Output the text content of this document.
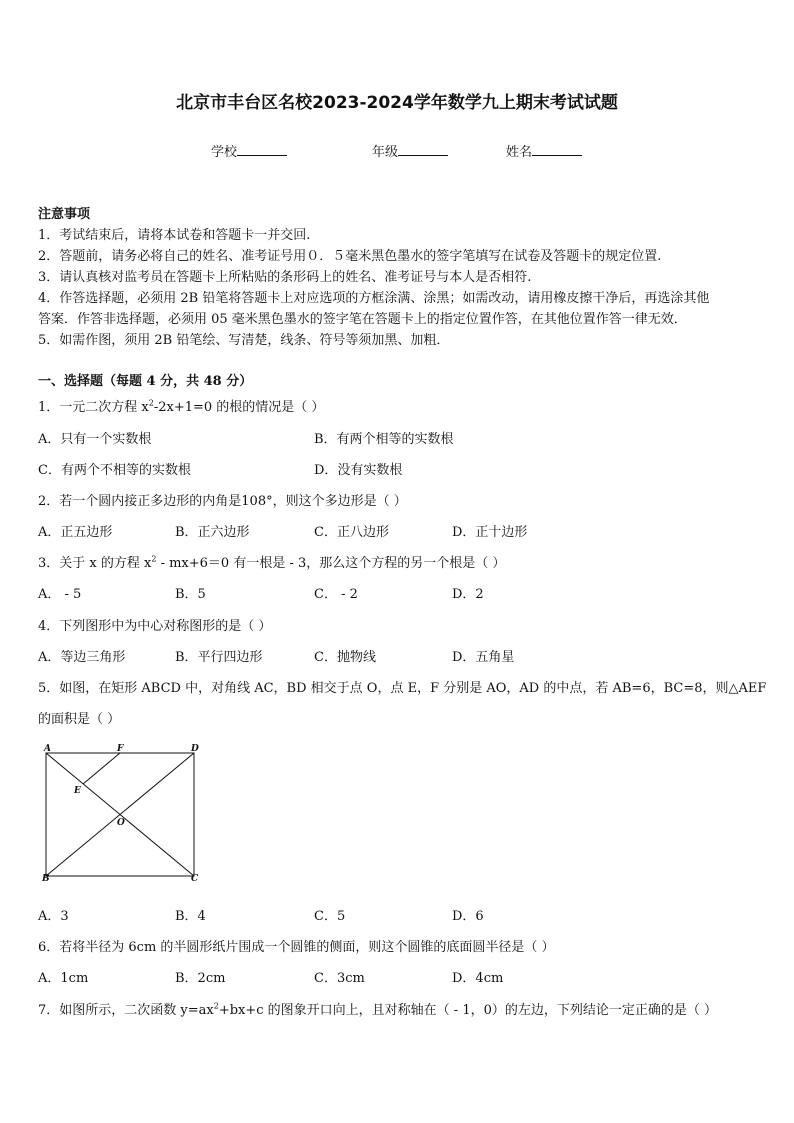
北京市丰台区名校2023-2024学年数学九上期末考试试题
学校	年级	姓名
注意事项
1．考试结束后，请将本试卷和答题卡一并交回.
2．答题前，请务必将自己的姓名、准考证号用０．５毫米黑色墨水的签字笔填写在试卷及答题卡的规定位置.
3．请认真核对监考员在答题卡上所粘贴的条形码上的姓名、准考证号与本人是否相符.
4．作答选择题，必须用 2B 铅笔将答题卡上对应选项的方框涂满、涂黑；如需改动，请用橡皮擦干净后，再选涂其他
答案．作答非选择题，必须用 05 毫米黑色墨水的签字笔在答题卡上的指定位置作答，在其他位置作答一律无效．
5．如需作图，须用 2B 铅笔绘、写清楚，线条、符号等须加黑、加粗．
一、选择题（每题 4 分，共 48 分）
1．一元二次方程 $x^2-2x+1=0$ 的根的情况是（ ）
A．只有一个实数根	B．有两个相等的实数根
C．有两个不相等的实数根	D．没有实数根
2．若一个圆内接正多边形的内角是108°，则这个多边形是（ ）
A．正五边形	B．正六边形	C．正八边形	D．正十边形
3．关于 x 的方程 $x^2 - mx+6=0$ 有一根是 - 3，那么这个方程的另一个根是（ ）
A． - 5	B．5	C． - 2	D．2
4．下列图形中为中心对称图形的是（ ）
A．等边三角形	B．平行四边形	C．抛物线	D．五角星
5．如图，在矩形 ABCD 中，对角线 AC，BD 相交于点 O，点 E，F 分别是 AO，AD 的中点，若 AB=6，BC=8，则△AEF
的面积是（ ）
A	F	D
E
O
B	C
A．3	B．4	C．5	D．6
6．若将半径为 6cm 的半圆形纸片围成一个圆锥的侧面，则这个圆锥的底面圆半径是（ ）
A．1cm	B．2cm	C．3cm	D．4cm
7．如图所示，二次函数 $y=ax^2+bx+c$ 的图象开口向上，且对称轴在（ - 1，0）的左边，下列结论一定正确的是（ ）
